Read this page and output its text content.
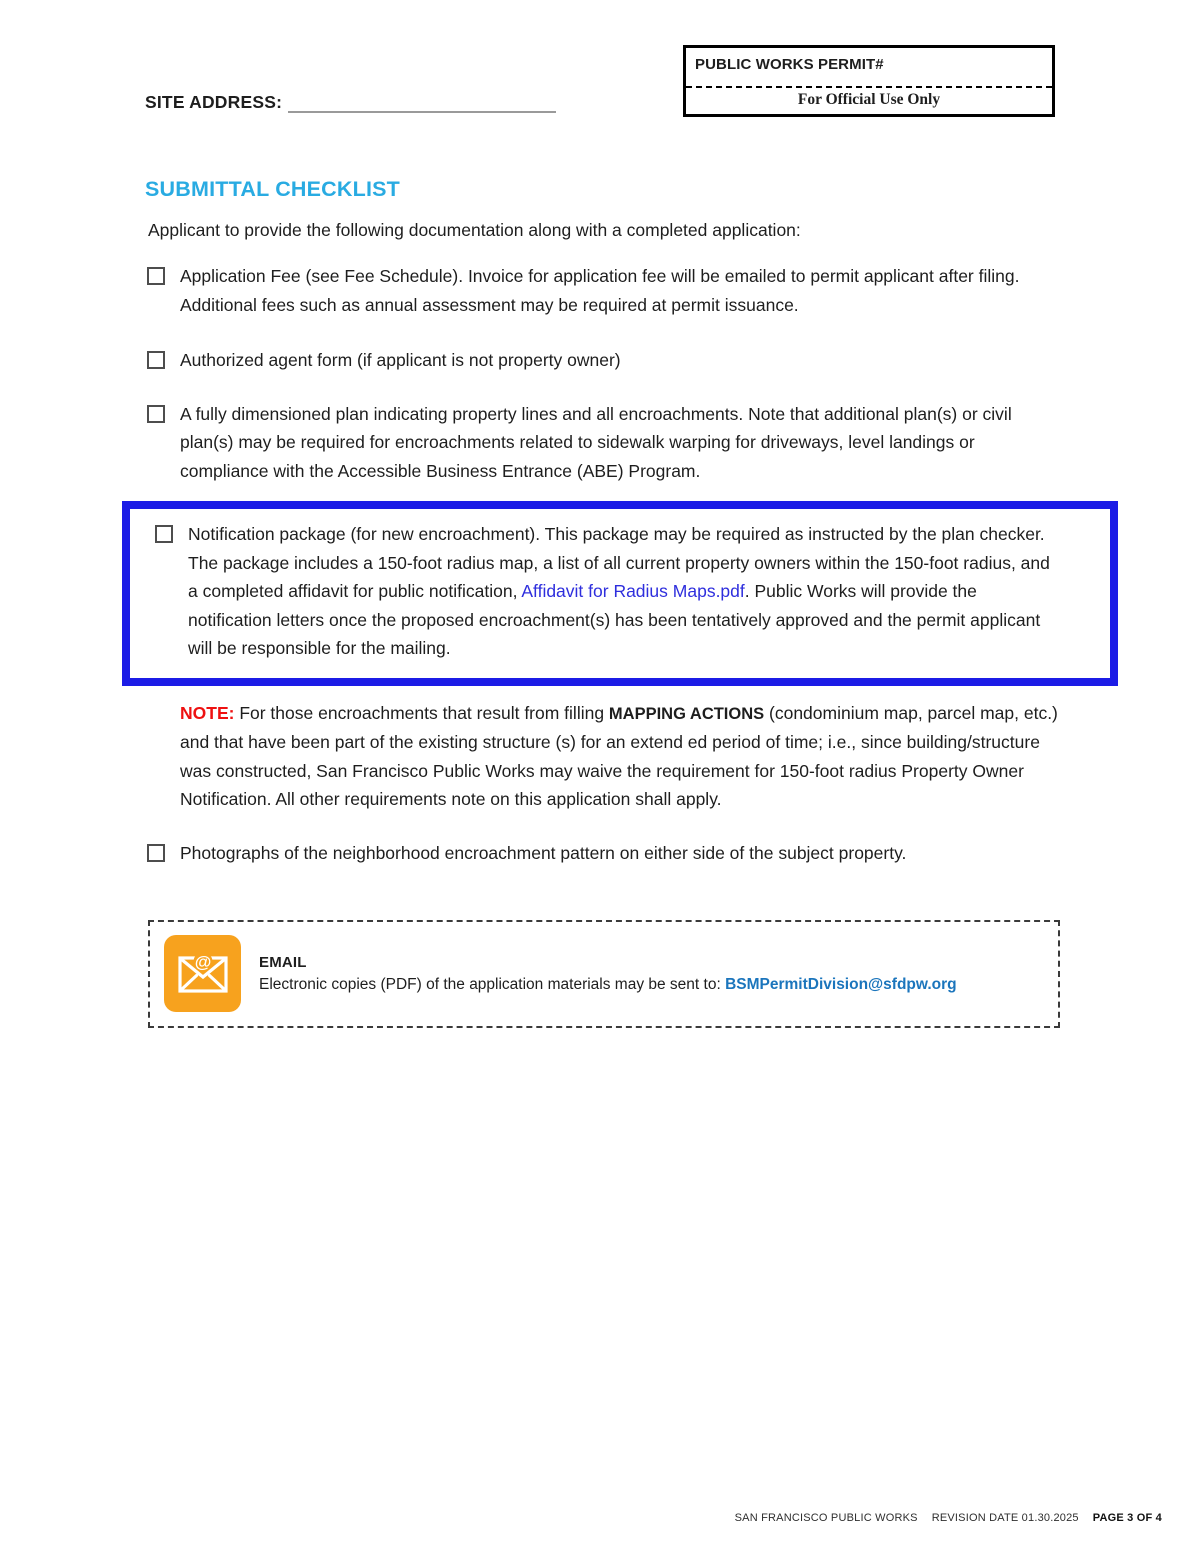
SITE ADDRESS:
PUBLIC WORKS PERMIT#
For Official Use Only
SUBMITTAL CHECKLIST

Applicant to provide the following documentation along with a completed application:

Application Fee (see Fee Schedule). Invoice for application fee will be emailed to permit applicant after filing. Additional fees such as annual assessment may be required at permit issuance.

Authorized agent form (if applicant is not property owner)

A fully dimensioned plan indicating property lines and all encroachments. Note that additional plan(s) or civil plan(s) may be required for encroachments related to sidewalk warping for driveways, level landings or compliance with the Accessible Business Entrance (ABE) Program.

Notification package (for new encroachment). This package may be required as instructed by the plan checker. The package includes a 150-foot radius map, a list of all current property owners within the 150-foot radius, and a completed affidavit for public notification, Affidavit for Radius Maps.pdf. Public Works will provide the notification letters once the proposed encroachment(s) has been tentatively approved and the permit applicant will be responsible for the mailing.

NOTE: For those encroachments that result from filling MAPPING ACTIONS (condominium map, parcel map, etc.) and that have been part of the existing structure (s) for an extend ed period of time; i.e., since building/structure was constructed, San Francisco Public Works may waive the requirement for 150-foot radius Property Owner Notification. All other requirements note on this application shall apply.

Photographs of the neighborhood encroachment pattern on either side of the subject property.

@	EMAIL
Electronic copies (PDF) of the application materials may be sent to: BSMPermitDivision@sfdpw.org
SAN FRANCISCO PUBLIC WORKS REVISION DATE 01.30.2025 PAGE 3 OF 4
